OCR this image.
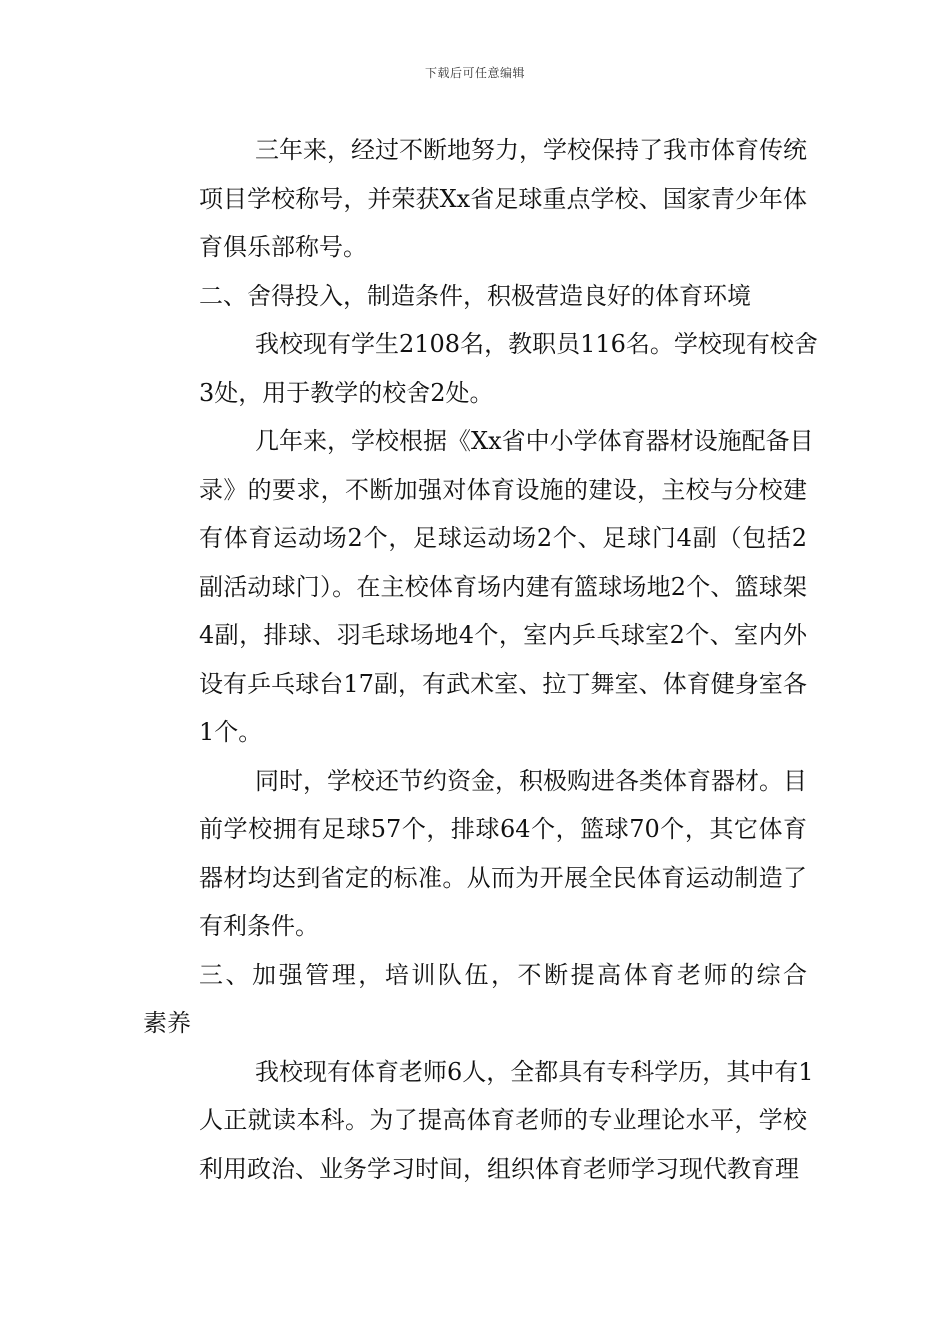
下载后可任意编辑
三年来，经过不断地努力，学校保持了我市体育传统
项目学校称号，并荣获Xx省足球重点学校、国家青少年体
育俱乐部称号。
二、舍得投入，制造条件，积极营造良好的体育环境
我校现有学生2108名，教职员116名。学校现有校舍
3处，用于教学的校舍2处。
几年来，学校根据《Xx省中小学体育器材设施配备目
录》的要求，不断加强对体育设施的建设，主校与分校建
有体育运动场2个，足球运动场2个、足球门4副（包括2
副活动球门）。在主校体育场内建有篮球场地2个、篮球架
4副，排球、羽毛球场地4个，室内乒乓球室2个、室内外
设有乒乓球台17副，有武术室、拉丁舞室、体育健身室各
1个。
同时，学校还节约资金，积极购进各类体育器材。目
前学校拥有足球57个，排球64个，篮球70个，其它体育
器材均达到省定的标准。从而为开展全民体育运动制造了
有利条件。
三、加强管理，培训队伍，不断提高体育老师的综合
素养
我校现有体育老师6人，全都具有专科学历，其中有1
人正就读本科。为了提高体育老师的专业理论水平，学校
利用政治、业务学习时间，组织体育老师学习现代教育理
